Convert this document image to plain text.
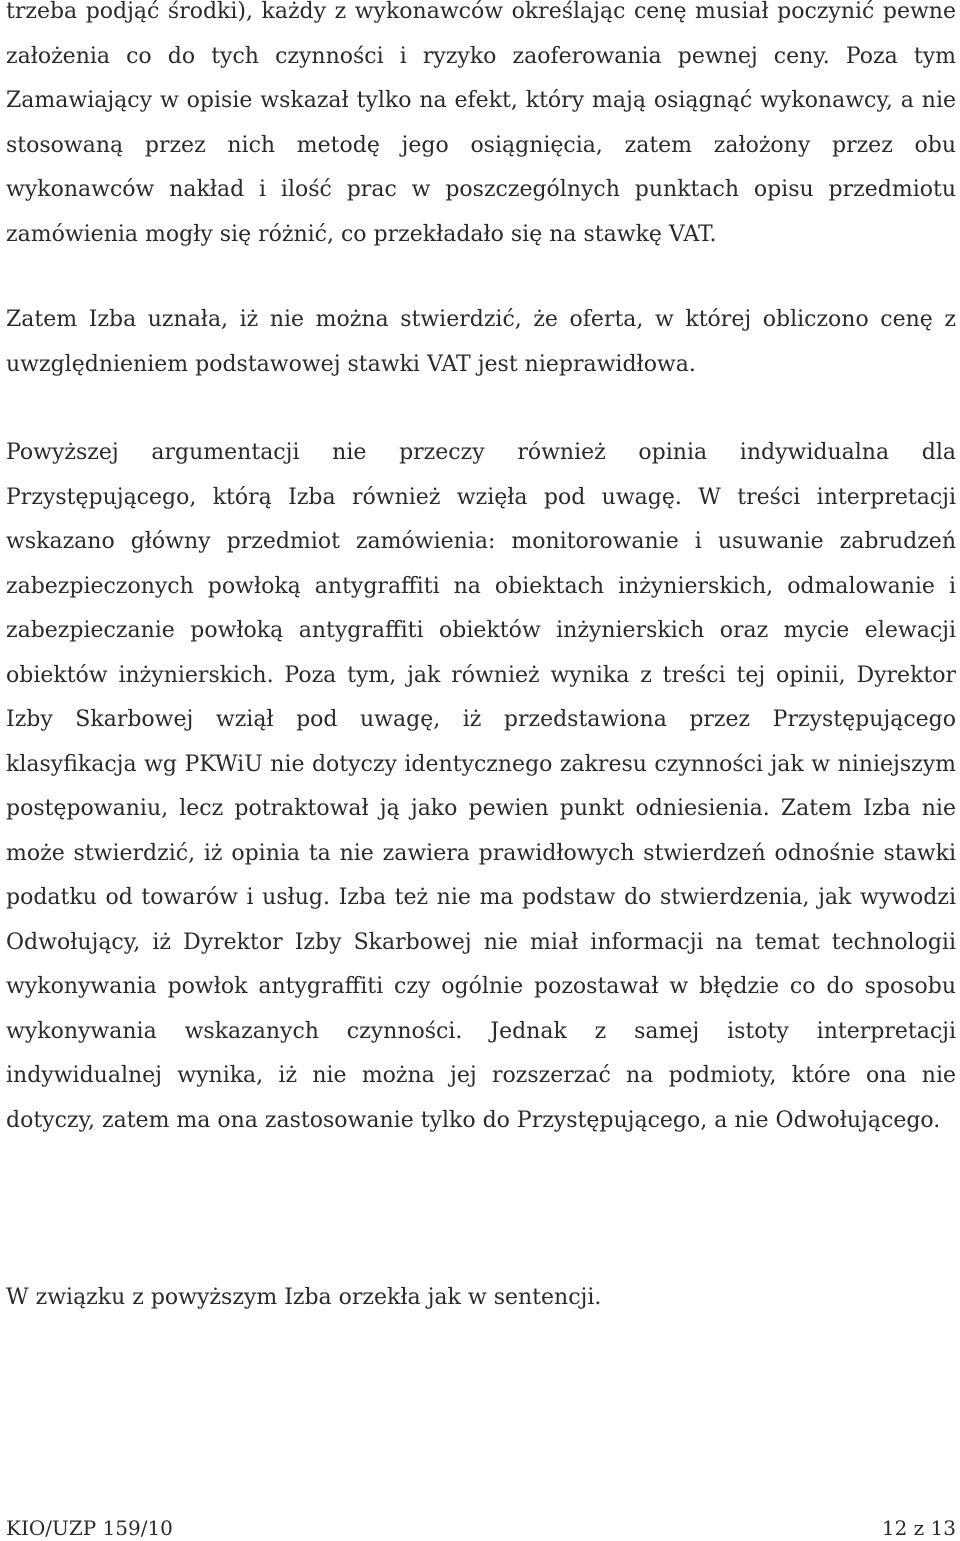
trzeba podjąć środki), każdy z wykonawców określając cenę musiał poczynić pewne założenia co do tych czynności i ryzyko zaoferowania pewnej ceny. Poza tym Zamawiający w opisie wskazał tylko na efekt, który mają osiągnąć wykonawcy, a nie stosowaną przez nich metodę jego osiągnięcia, zatem założony przez obu wykonawców nakład i ilość prac w poszczególnych punktach opisu przedmiotu zamówienia mogły się różnić, co przekładało się na stawkę VAT.

Zatem Izba uznała, iż nie można stwierdzić, że oferta, w której obliczono cenę z uwzględnieniem podstawowej stawki VAT jest nieprawidłowa.

Powyższej argumentacji nie przeczy również opinia indywidualna dla Przystępującego, którą Izba również wzięła pod uwagę. W treści interpretacji wskazano główny przedmiot zamówienia: monitorowanie i usuwanie zabrudzeń zabezpieczonych powłoką antygraffiti na obiektach inżynierskich, odmalowanie i zabezpieczanie powłoką antygraffiti obiektów inżynierskich oraz mycie elewacji obiektów inżynierskich. Poza tym, jak również wynika z treści tej opinii, Dyrektor Izby Skarbowej wziął pod uwagę, iż przedstawiona przez Przystępującego klasyfikacja wg PKWiU nie dotyczy identycznego zakresu czynności jak w niniejszym postępowaniu, lecz potraktował ją jako pewien punkt odniesienia. Zatem Izba nie może stwierdzić, iż opinia ta nie zawiera prawidłowych stwierdzeń odnośnie stawki podatku od towarów i usług. Izba też nie ma podstaw do stwierdzenia, jak wywodzi Odwołujący, iż Dyrektor Izby Skarbowej nie miał informacji na temat technologii wykonywania powłok antygraffiti czy ogólnie pozostawał w błędzie co do sposobu wykonywania wskazanych czynności. Jednak z samej istoty interpretacji indywidualnej wynika, iż nie można jej rozszerzać na podmioty, które ona nie dotyczy, zatem ma ona zastosowanie tylko do Przystępującego, a nie Odwołującego.

W związku z powyższym Izba orzekła jak w sentencji.

KIO/UZP 159/10	12 z 13
